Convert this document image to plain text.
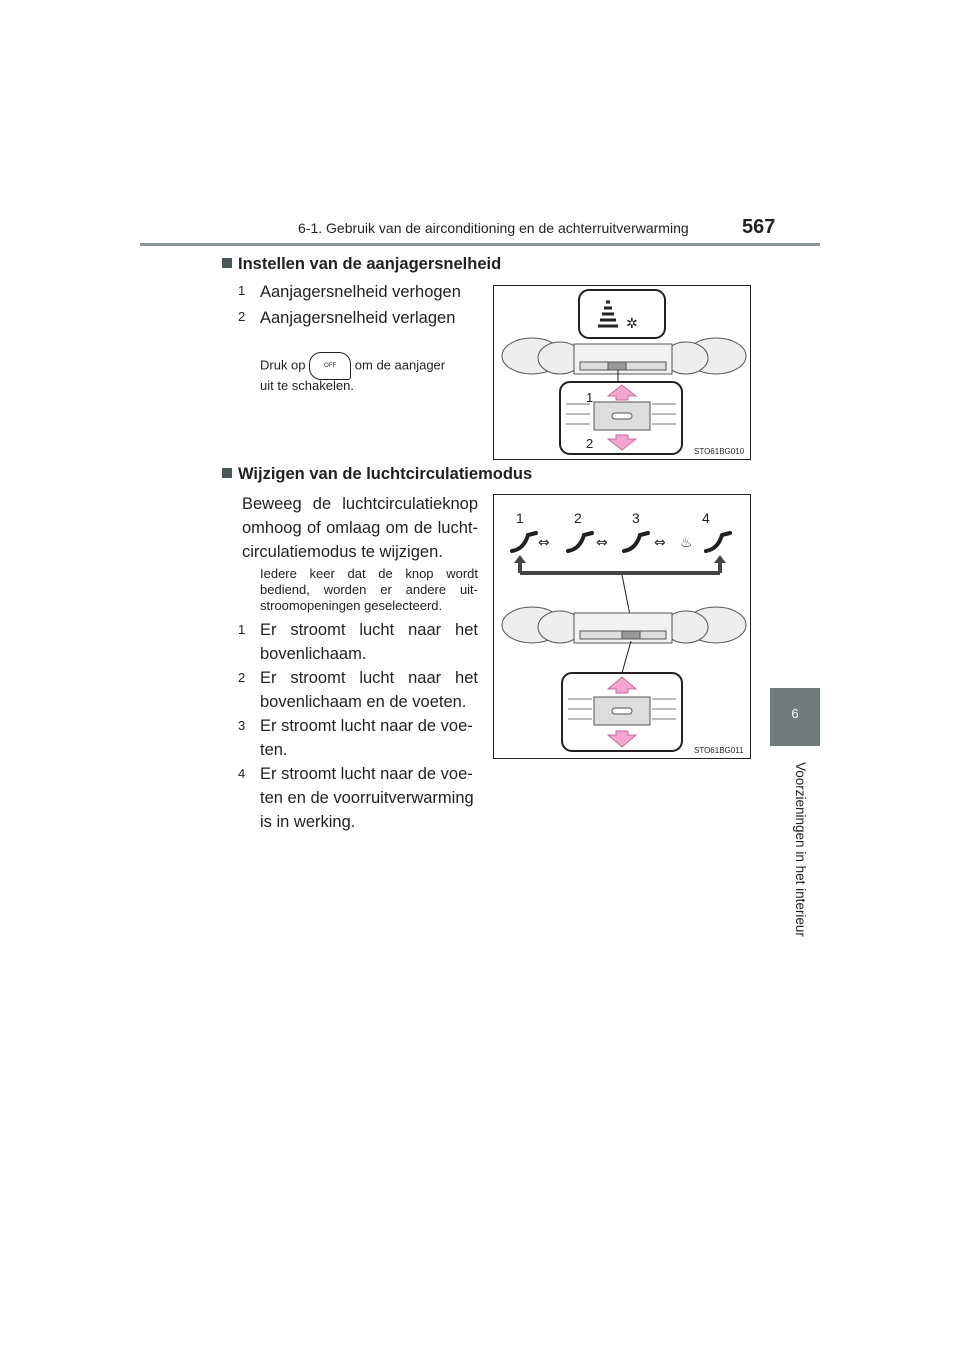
6-1. Gebruik van de airconditioning en de achterruitverwarming	567
6
Voorzieningen in het interieur
Instellen van de aanjagersnelheid
1 Aanjagersnelheid verhogen
2 Aanjagersnelheid verlagen
Druk op	OFF om de aanjager
uit te schakelen.
✲
1
2
STO61BG010
Wijzigen van de luchtcirculatiemodus
Beweeg de luchtcirculatieknop omhoog of omlaag om de lucht-circulatiemodus te wijzigen.
Iedere keer dat de knop wordt bediend, worden er andere uit-stroomopeningen geselecteerd.
1 Er stroomt lucht naar het bovenlichaam.
2 Er stroomt lucht naar het bovenlichaam en de voeten.
3 Er stroomt lucht naar de voe-ten.
4 Er stroomt lucht naar de voe-ten en de voorruitverwarming is in werking.
1	2	3	4
⇔	⇔	⇔ ♨
STO61BG011
